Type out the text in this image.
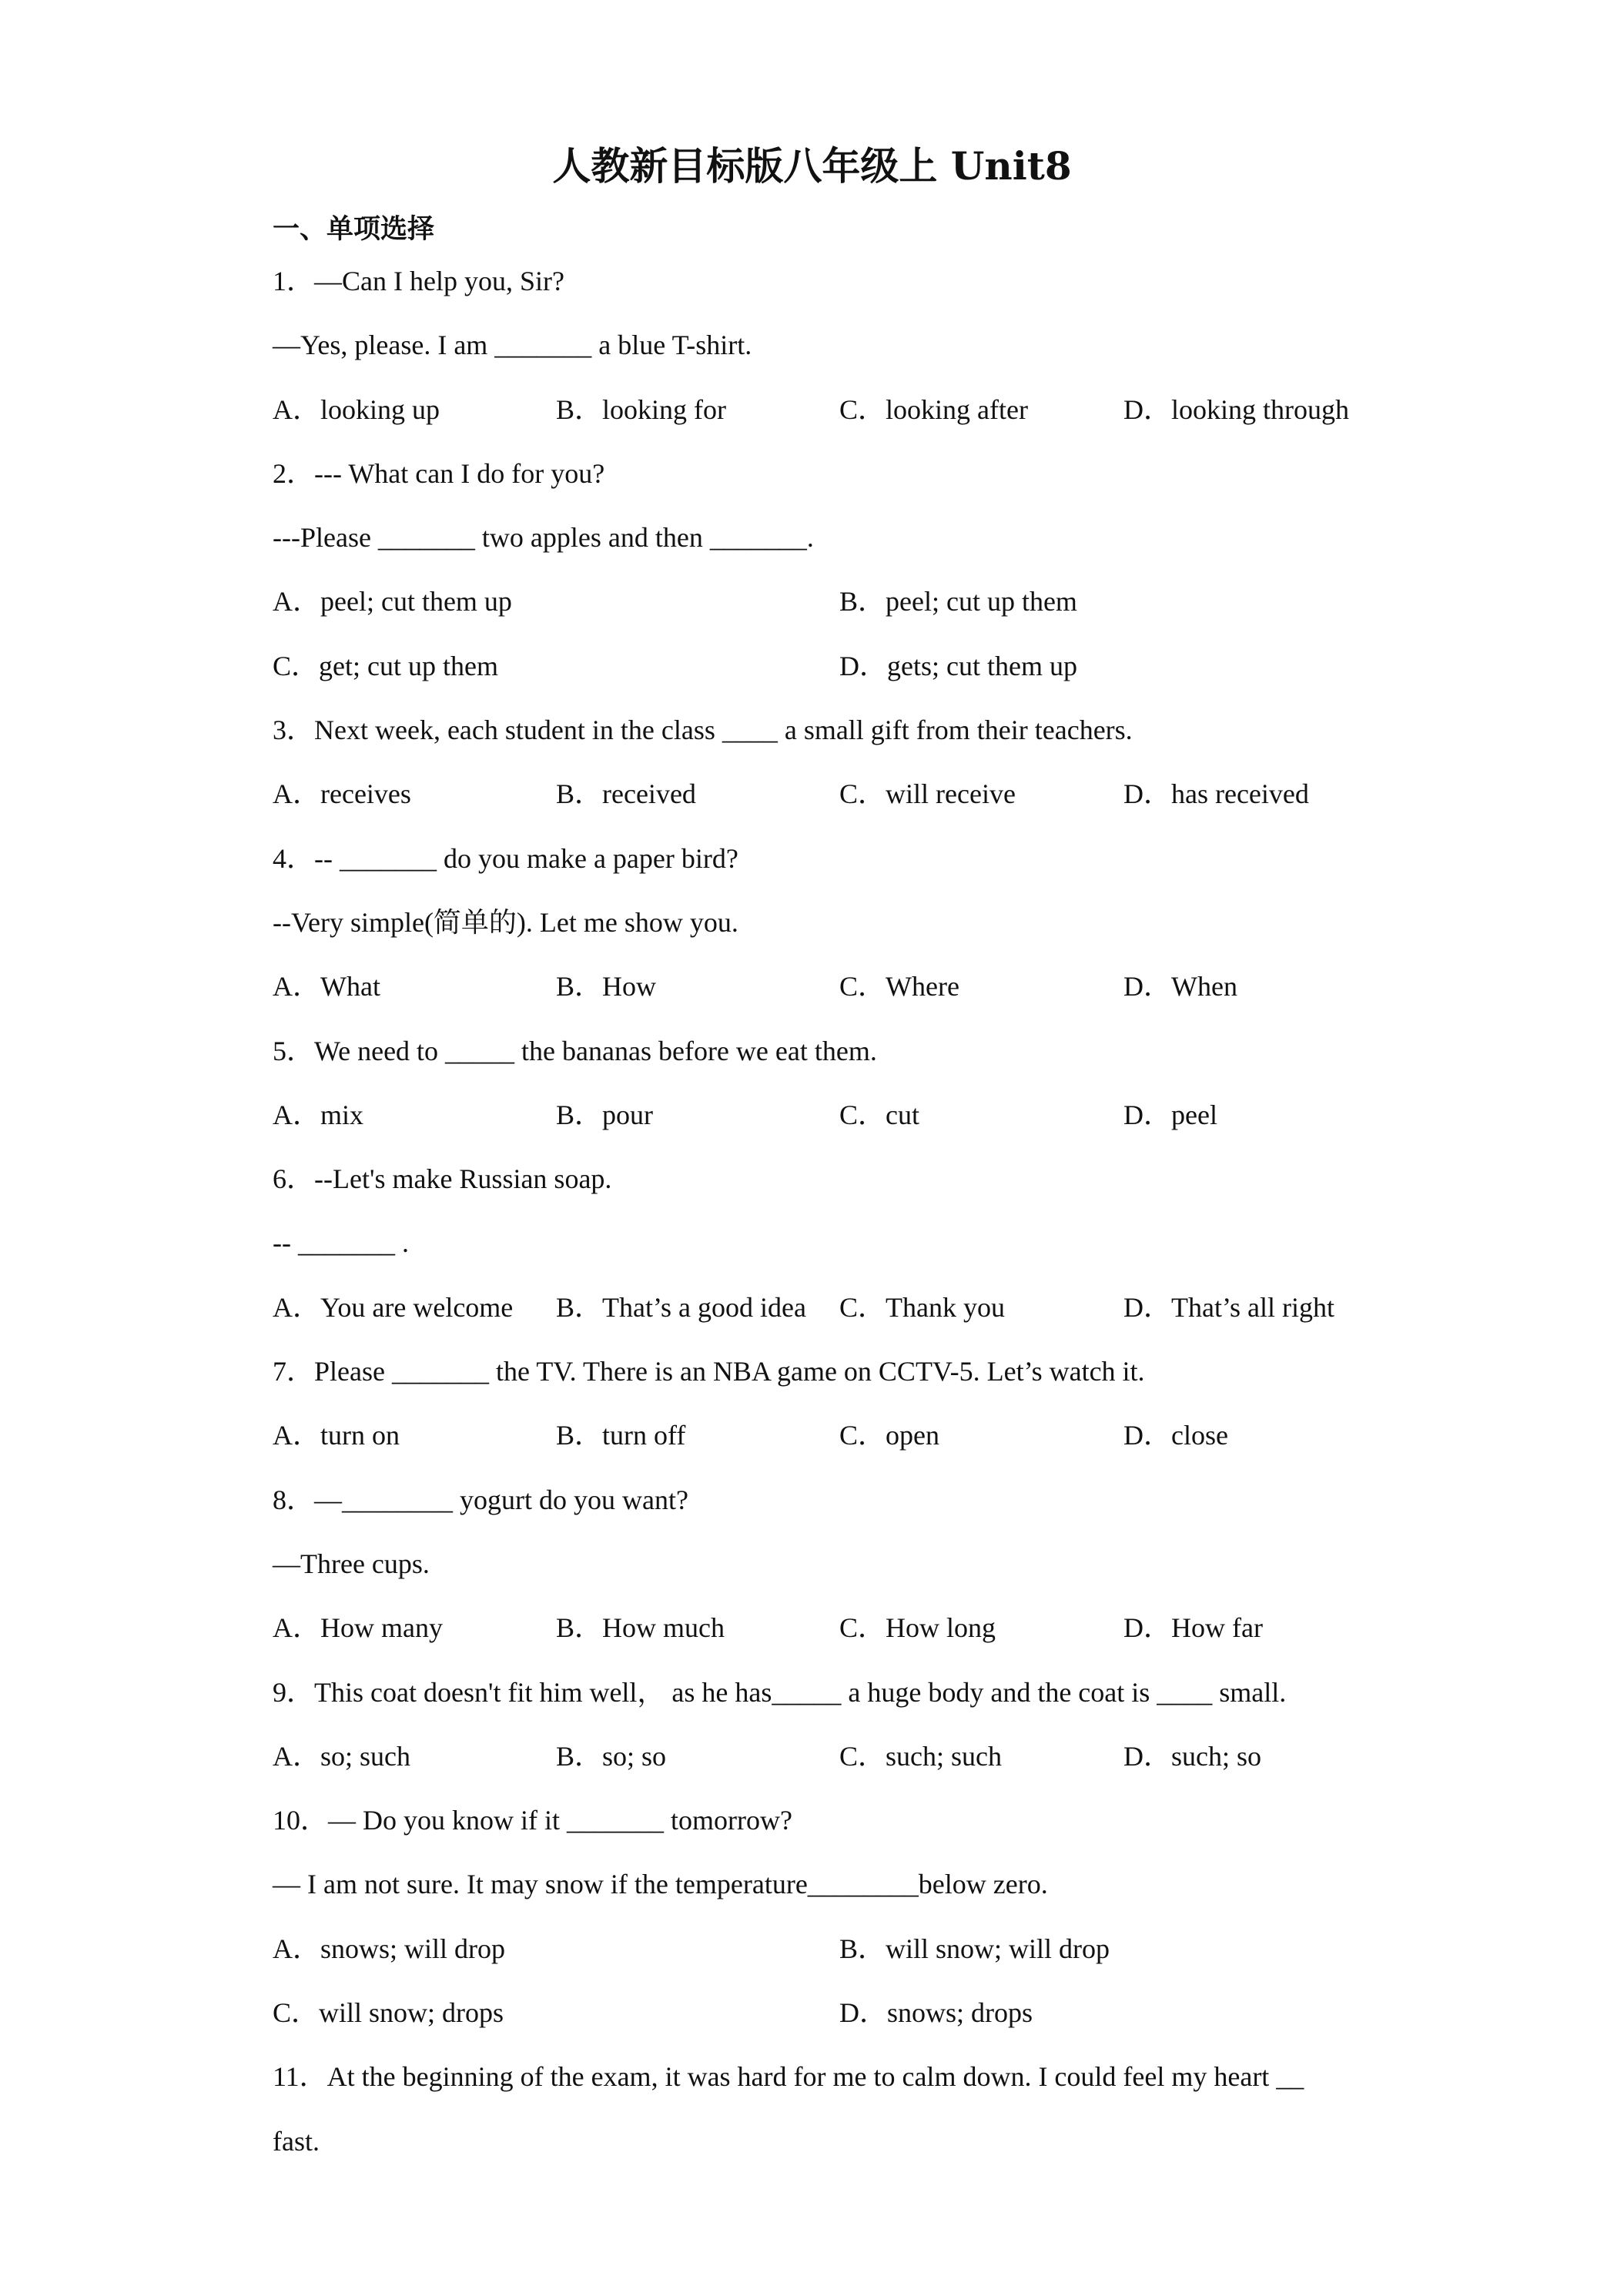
人教新目标版八年级上 Unit8
一、单项选择
1．—Can I help you, Sir?
—Yes, please. I am _______ a blue T-shirt.
A．looking up	B．looking for	C．looking after	D．looking through
2．--- What can I do for you?
---Please _______ two apples and then _______.
A．peel; cut them up	B．peel; cut up them
C．get; cut up them	D．gets; cut them up
3．Next week, each student in the class ____ a small gift from their teachers.
A．receives	B．received	C．will receive	D．has received
4．-- _______ do you make a paper bird?
--Very simple(简单的). Let me show you.
A．What	B．How	C．Where	D．When
5．We need to _____ the bananas before we eat them.
A．mix	B．pour	C．cut	D．peel
6．--Let's make Russian soap.
-- _______ .
A．You are welcome B．That’s a good idea C．Thank you	D．That’s all right
7．Please _______ the TV. There is an NBA game on CCTV-5. Let’s watch it.
A．turn on	B．turn off	C．open	D．close
8．—________ yogurt do you want?
—Three cups.
A．How many	B．How much	C．How long	D．How far
9．This coat doesn't fit him well， as he has_____ a huge body and the coat is ____ small.
A．so; such	B．so; so	C．such; such	D．such; so
10．— Do you know if it _______ tomorrow?
— I am not sure. It may snow if the temperature________below zero.
A．snows; will drop	B．will snow; will drop
C．will snow; drops	D．snows; drops
11．At the beginning of the exam, it was hard for me to calm down. I could feel my heart __
fast.
